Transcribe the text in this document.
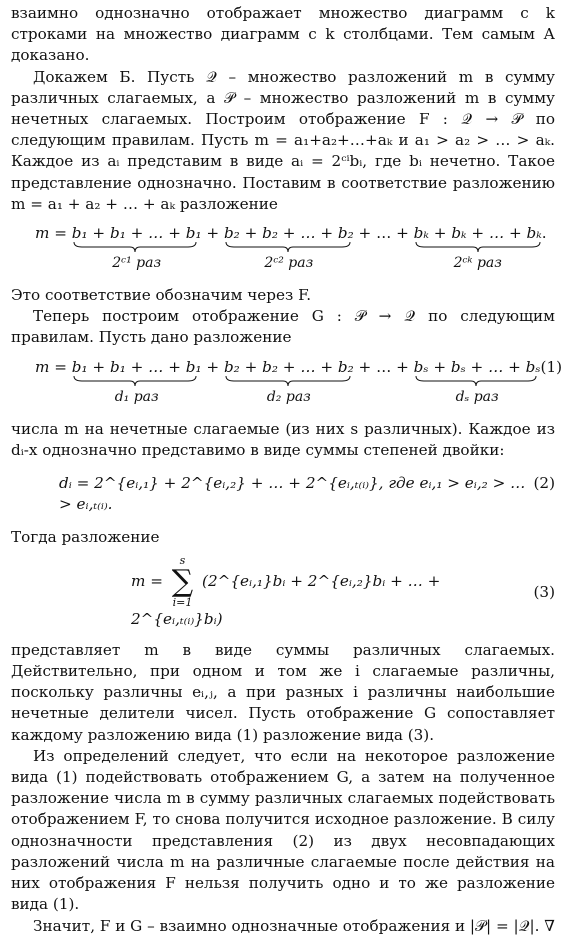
взаимно однозначно отображает множество диаграмм с k строками на множество диаграмм с k столбцами. Тем самым А доказано.

Докажем Б. Пусть 𝒬 – множество разложений m в сумму различных слагаемых, а 𝒫 – множество разложений m в сумму нечетных слагаемых. Построим отображение F : 𝒬 → 𝒫 по следующим правилам. Пусть m = a₁+a₂+…+aₖ и a₁ > a₂ > … > aₖ. Каждое из aᵢ представим в виде aᵢ = 2ᶜⁱbᵢ, где bᵢ нечетно. Такое представление однозначно. Поставим в соответствие разложению m = a₁ + a₂ + … + aₖ разложение

m = b₁ + b₁ + … + b₁
2ᶜ¹ раз
+ b₂ + b₂ + … + b₂
2ᶜ² раз
+ … + bₖ + bₖ + … + bₖ
2ᶜᵏ раз
.

Это соответствие обозначим через F.

Теперь построим отображение G : 𝒫 → 𝒬 по следующим правилам. Пусть дано разложение

m = b₁ + b₁ + … + b₁
d₁ раз
+ b₂ + b₂ + … + b₂
d₂ раз
+ … + bₛ + bₛ + … + bₛ
dₛ раз
(1)

числа m на нечетные слагаемые (из них s различных). Каждое из dᵢ-х однозначно представимо в виде суммы степеней двойки:

dᵢ = 2^{eᵢ,₁} + 2^{eᵢ,₂} + … + 2^{eᵢ,ₜ₍ᵢ₎}, где eᵢ,₁ > eᵢ,₂ > … > eᵢ,ₜ₍ᵢ₎.
(2)

Тогда разложение

m =
s
∑
i=1
(2^{eᵢ,₁}bᵢ + 2^{eᵢ,₂}bᵢ + … + 2^{eᵢ,ₜ₍ᵢ₎}bᵢ)
(3)

представляет m в виде суммы различных слагаемых. Действительно, при одном и том же i слагаемые различны, поскольку различны eᵢ,ⱼ, а при разных i различны наибольшие нечетные делители чисел. Пусть отображение G сопоставляет каждому разложению вида (1) разложение вида (3).

Из определений следует, что если на некоторое разложение вида (1) подействовать отображением G, а затем на полученное разложение числа m в сумму различных слагаемых подействовать отображением F, то снова получится исходное разложение. В силу однозначности представления (2) из двух несовпадающих разложений числа m на различные слагаемые после действия на них отображения F нельзя получить одно и то же разложение вида (1).

Значит, F и G – взаимно однозначные отображения и |𝒫| = |𝒬|. ∇
